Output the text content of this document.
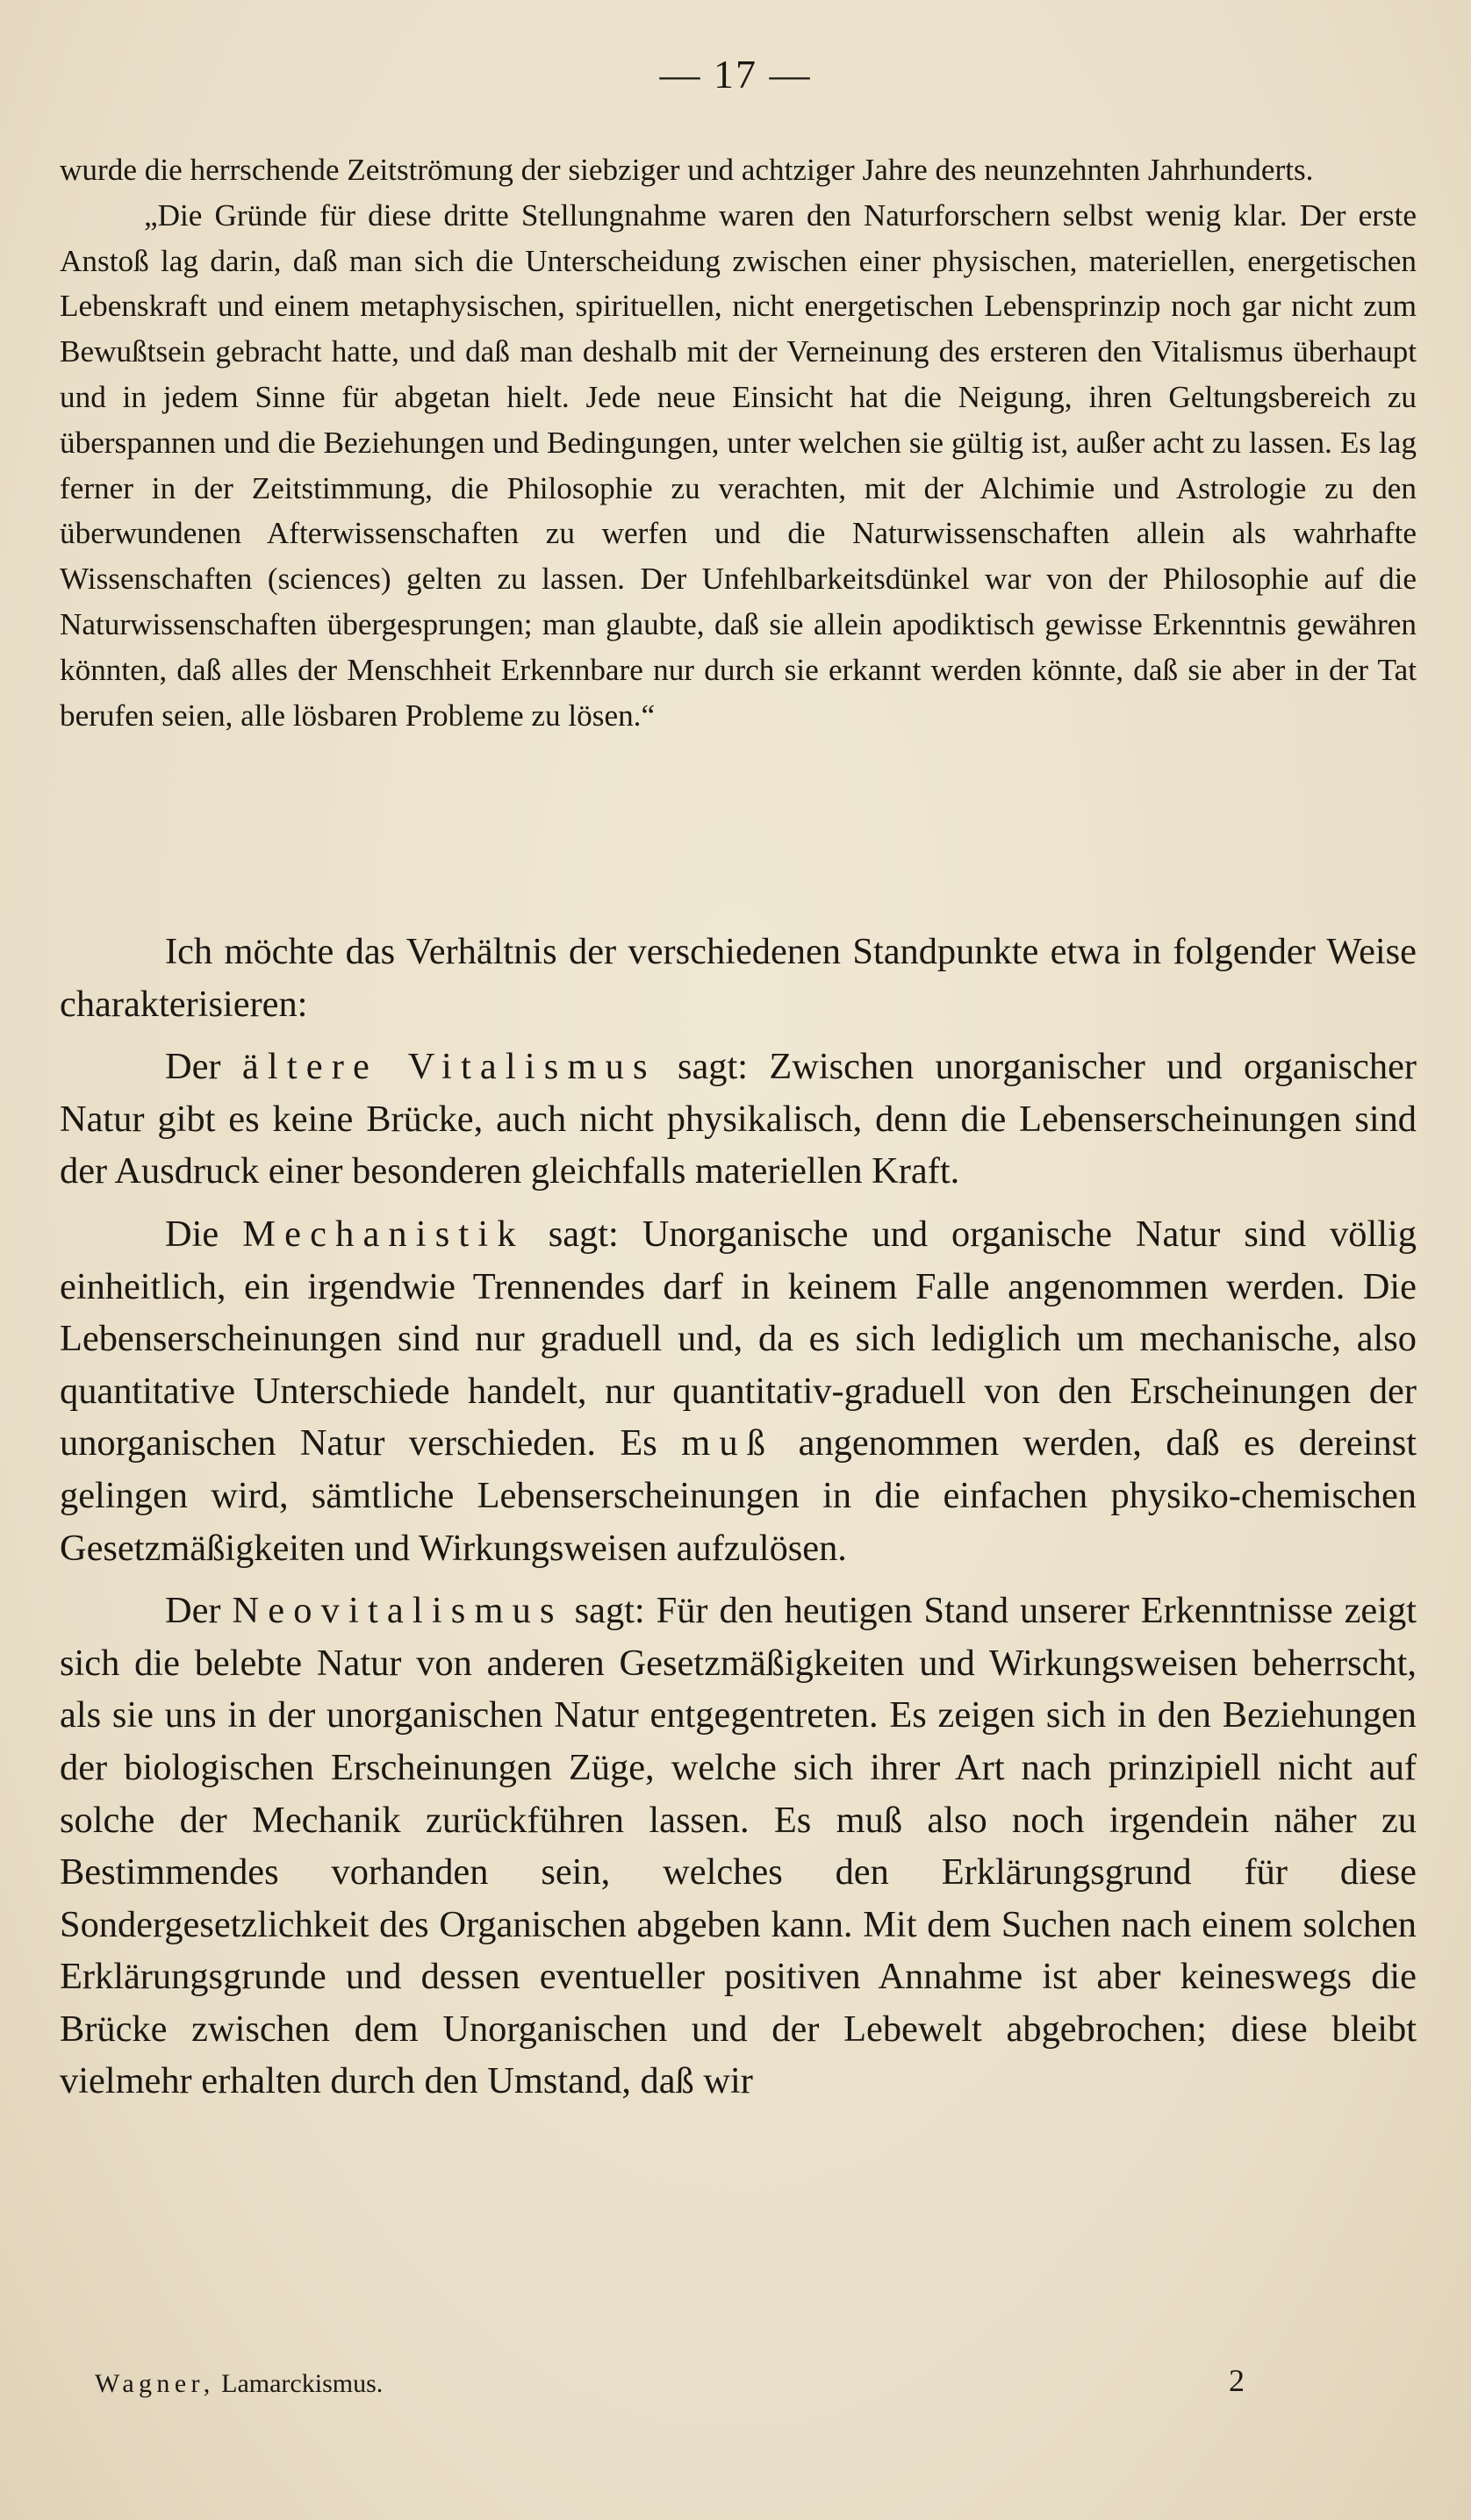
— 17 —

wurde die herrschende Zeitströmung der siebziger und achtziger Jahre des neunzehnten Jahrhunderts.

„Die Gründe für diese dritte Stellungnahme waren den Naturforschern selbst wenig klar. Der erste Anstoß lag darin, daß man sich die Unterscheidung zwischen einer physischen, materiellen, energetischen Lebenskraft und einem metaphysischen, spirituellen, nicht energetischen Lebensprinzip noch gar nicht zum Bewußtsein gebracht hatte, und daß man deshalb mit der Verneinung des ersteren den Vitalismus überhaupt und in jedem Sinne für abgetan hielt. Jede neue Einsicht hat die Neigung, ihren Geltungsbereich zu überspannen und die Beziehungen und Bedingungen, unter welchen sie gültig ist, außer acht zu lassen. Es lag ferner in der Zeitstimmung, die Philosophie zu verachten, mit der Alchimie und Astrologie zu den überwundenen Afterwissenschaften zu werfen und die Naturwissenschaften allein als wahrhafte Wissenschaften (sciences) gelten zu lassen. Der Unfehlbarkeitsdünkel war von der Philosophie auf die Naturwissenschaften übergesprungen; man glaubte, daß sie allein apodiktisch gewisse Erkenntnis gewähren könnten, daß alles der Menschheit Erkennbare nur durch sie erkannt werden könnte, daß sie aber in der Tat berufen seien, alle lösbaren Probleme zu lösen.“

Ich möchte das Verhältnis der verschiedenen Standpunkte etwa in folgender Weise charakterisieren:

Der ältere Vitalismus sagt: Zwischen unorganischer und organischer Natur gibt es keine Brücke, auch nicht physikalisch, denn die Lebenserscheinungen sind der Ausdruck einer besonderen gleichfalls materiellen Kraft.

Die Mechanistik sagt: Unorganische und organische Natur sind völlig einheitlich, ein irgendwie Trennendes darf in keinem Falle angenommen werden. Die Lebenserscheinungen sind nur graduell und, da es sich lediglich um mechanische, also quantitative Unterschiede handelt, nur quantitativ-graduell von den Erscheinungen der unorganischen Natur verschieden. Es muß angenommen werden, daß es dereinst gelingen wird, sämtliche Lebenserscheinungen in die einfachen physiko-chemischen Gesetzmäßigkeiten und Wirkungsweisen aufzulösen.

Der Neovitalismus sagt: Für den heutigen Stand unserer Erkenntnisse zeigt sich die belebte Natur von anderen Gesetzmäßigkeiten und Wirkungsweisen beherrscht, als sie uns in der unorganischen Natur entgegentreten. Es zeigen sich in den Beziehungen der biologischen Erscheinungen Züge, welche sich ihrer Art nach prinzipiell nicht auf solche der Mechanik zurückführen lassen. Es muß also noch irgendein näher zu Bestimmendes vorhanden sein, welches den Erklärungsgrund für diese Sondergesetzlichkeit des Organischen abgeben kann. Mit dem Suchen nach einem solchen Erklärungsgrunde und dessen eventueller positiven Annahme ist aber keineswegs die Brücke zwischen dem Unorganischen und der Lebewelt abgebrochen; diese bleibt vielmehr erhalten durch den Umstand, daß wir

Wagner, Lamarckismus.	2
